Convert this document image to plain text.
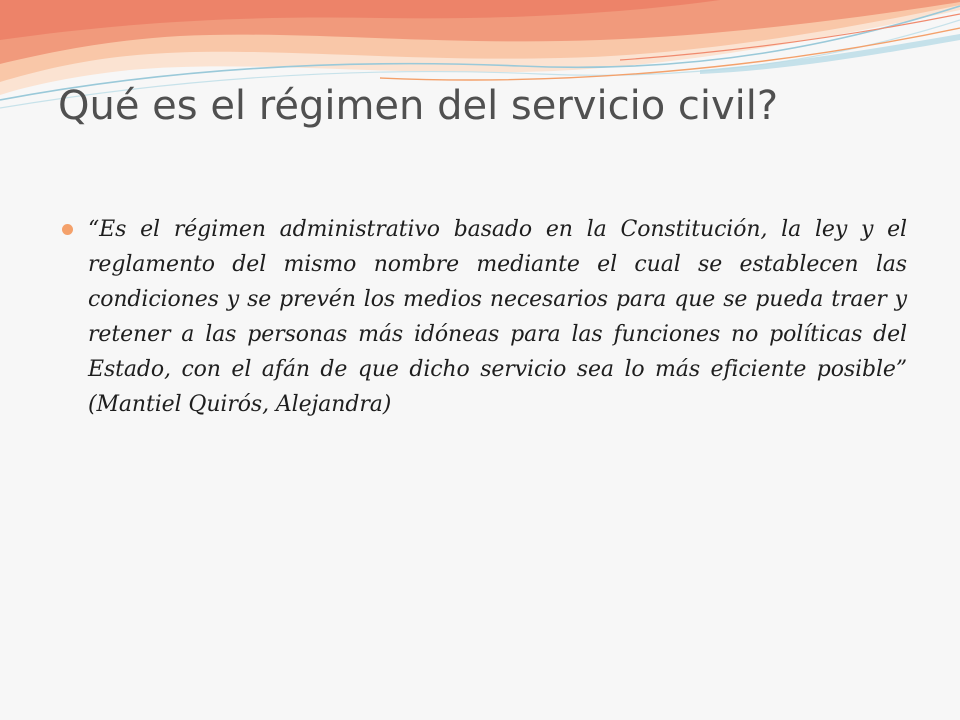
Qué es el régimen del servicio civil?

“Es el régimen administrativo basado en la Constitución, la ley y el reglamento del mismo nombre mediante el cual se establecen las condiciones y se prevén los medios necesarios para que se pueda traer y retener a las personas más idóneas para las funciones no políticas del Estado, con el afán de que dicho servicio sea lo más eficiente posible” (Mantiel Quirós, Alejandra)
